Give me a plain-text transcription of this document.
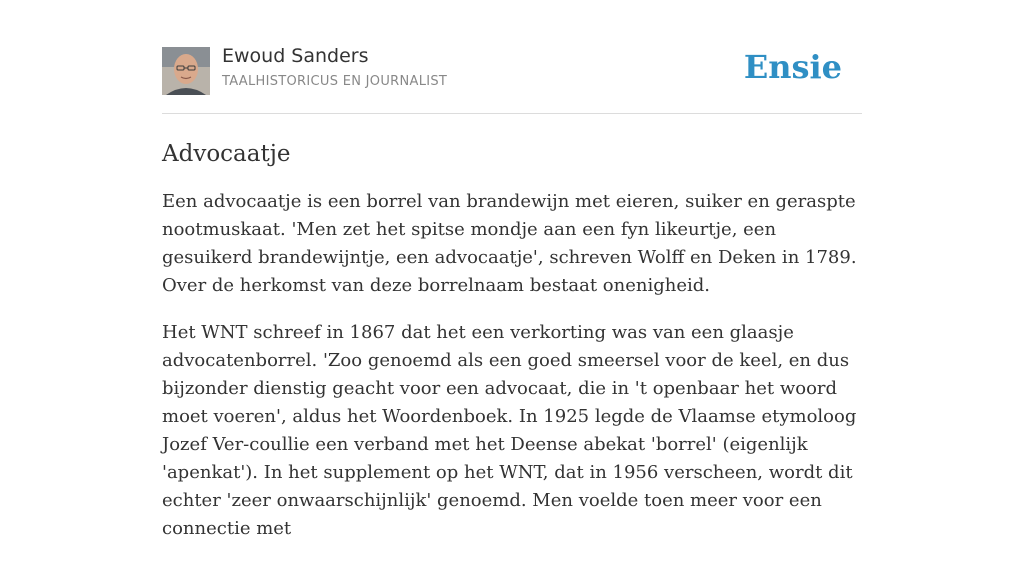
Ewoud Sanders
TAALHISTORICUS EN JOURNALIST	Ensie
Advocaatje

Een advocaatje is een borrel van brandewijn met eieren, suiker en geraspte nootmuskaat. 'Men zet het spitse mondje aan een fyn likeurtje, een gesuikerd brandewijntje, een advocaatje', schreven Wolff en Deken in 1789. Over de herkomst van deze borrelnaam bestaat onenigheid.

Het WNT schreef in 1867 dat het een verkorting was van een glaasje advocatenborrel. 'Zoo genoemd als een goed smeersel voor de keel, en dus bijzonder dienstig geacht voor een advocaat, die in 't openbaar het woord moet voeren', aldus het Woordenboek. In 1925 legde de Vlaamse etymoloog Jozef Ver-coullie een verband met het Deense abekat 'borrel' (eigenlijk 'apenkat'). In het supplement op het WNT, dat in 1956 verscheen, wordt dit echter 'zeer onwaarschijnlijk' genoemd. Men voelde toen meer voor een connectie met
